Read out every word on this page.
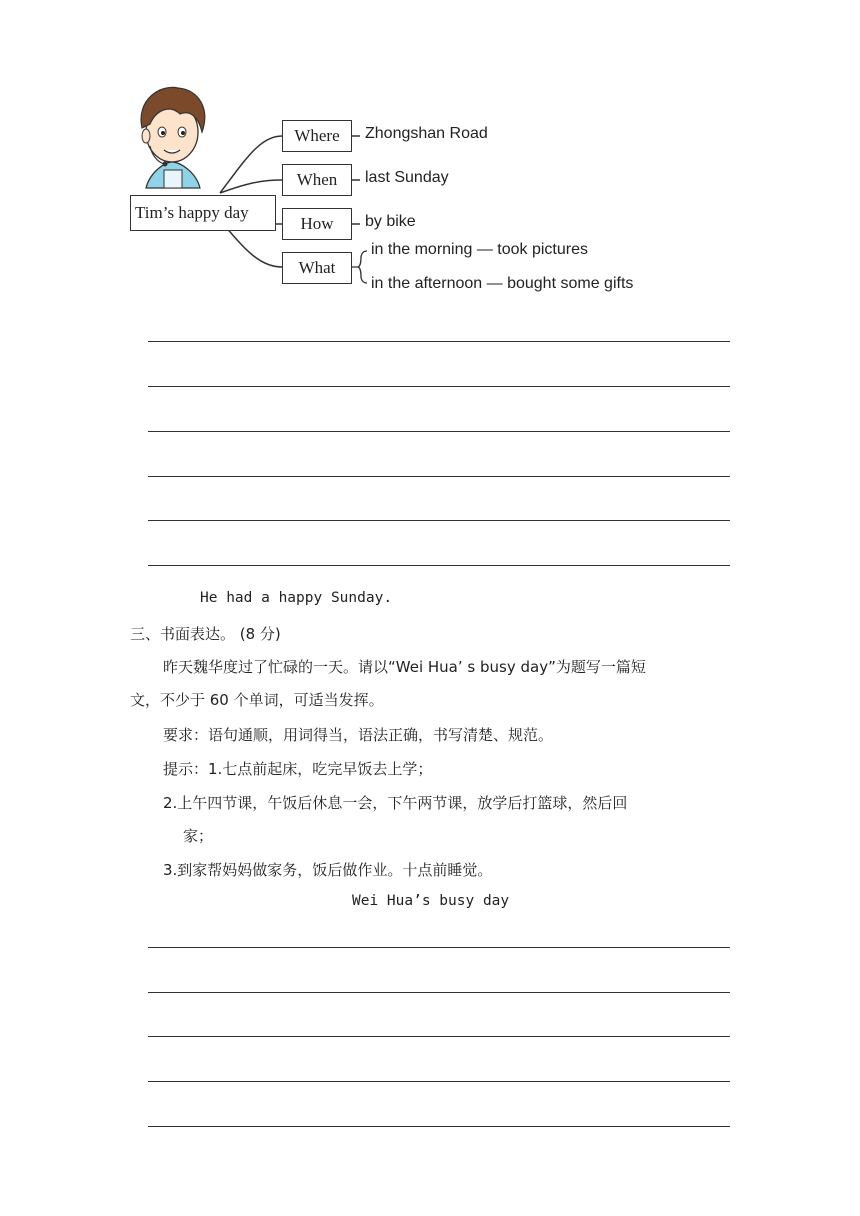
Tim’s happy day
Where	Zhongshan Road
When	last Sunday
How	by bike
What
in the morning — took pictures
in the afternoon — bought some gifts
He had a happy Sunday.
三、书面表达。 (8 分)
昨天魏华度过了忙碌的一天。请以“Wei Hua’ s busy day”为题写一篇短
文，不少于 60 个单词，可适当发挥。
要求：语句通顺，用词得当，语法正确，书写清楚、规范。
提示：1.七点前起床，吃完早饭去上学；
2.上午四节课，午饭后休息一会，下午两节课，放学后打篮球，然后回
家；
3.到家帮妈妈做家务，饭后做作业。十点前睡觉。
Wei Hua’s busy day
